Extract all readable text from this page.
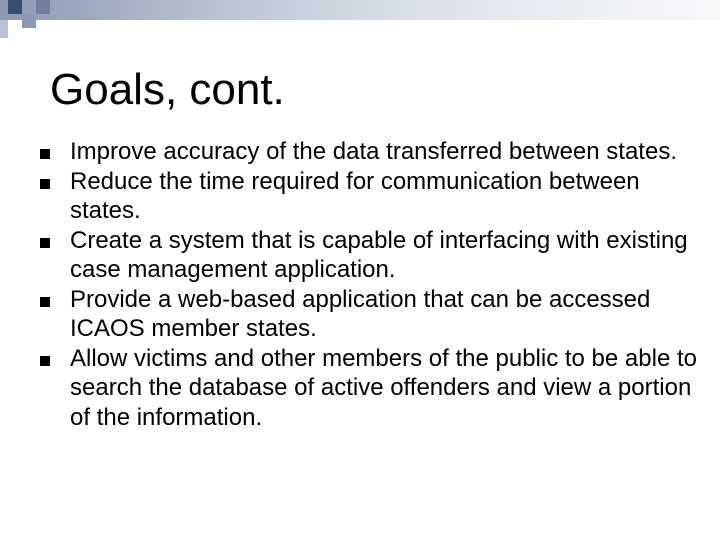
Goals, cont.
Improve accuracy of the data transferred between states.
Reduce the time required for communication between states.
Create a system that is capable of interfacing with existing case management application.
Provide a web-based application that can be accessed ICAOS member states.
Allow victims and other members of the public to be able to search the database of active offenders and view a portion of the information.
